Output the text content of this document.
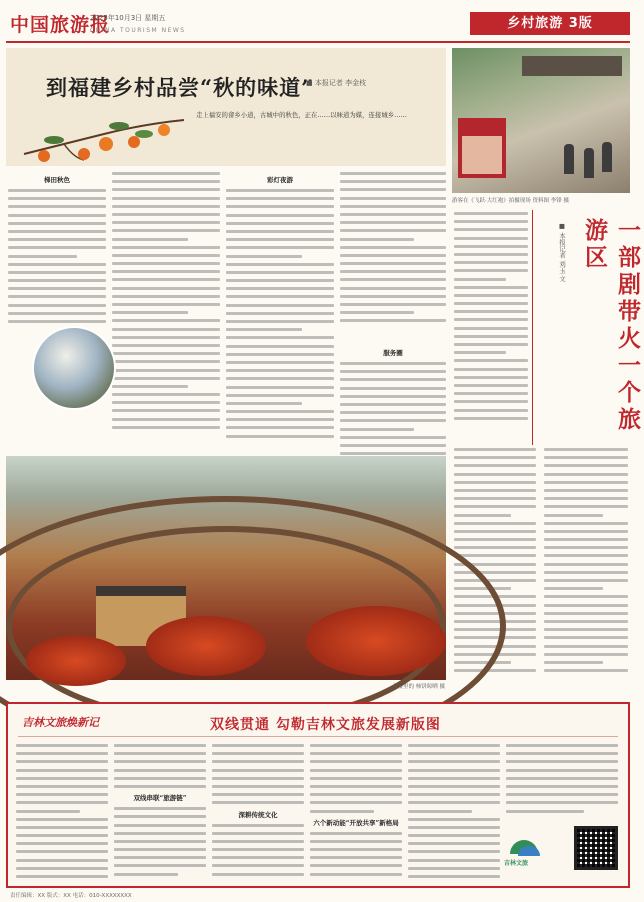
中国旅游报
2025年10月3日 星期五
CHINA TOURISM NEWS	乡村旅游 3版
到福建乡村品尝“秋的味道”
■ 本报记者 李金枝
走上福安的畲乡小道，古城中的秋色，正在……以味道为媒，连接城乡……
游客在《飞跃·大红袍》拍摄现场 资料图 李锋 摄
一部剧带火一个旅游区
■ 本报记者 刘玉 文
梯田秋色	彩灯夜游
服务圈
土楼里的 柿饼晾晒 摄
吉林文旅焕新记	双线贯通 勾勒吉林文旅发展新版图
双线串联“旅游链”
深耕传统文化
六个新动能“开放共享”新格局
吉林文旅
责任编辑：XX 版式：XX 电话：010-XXXXXXXX
